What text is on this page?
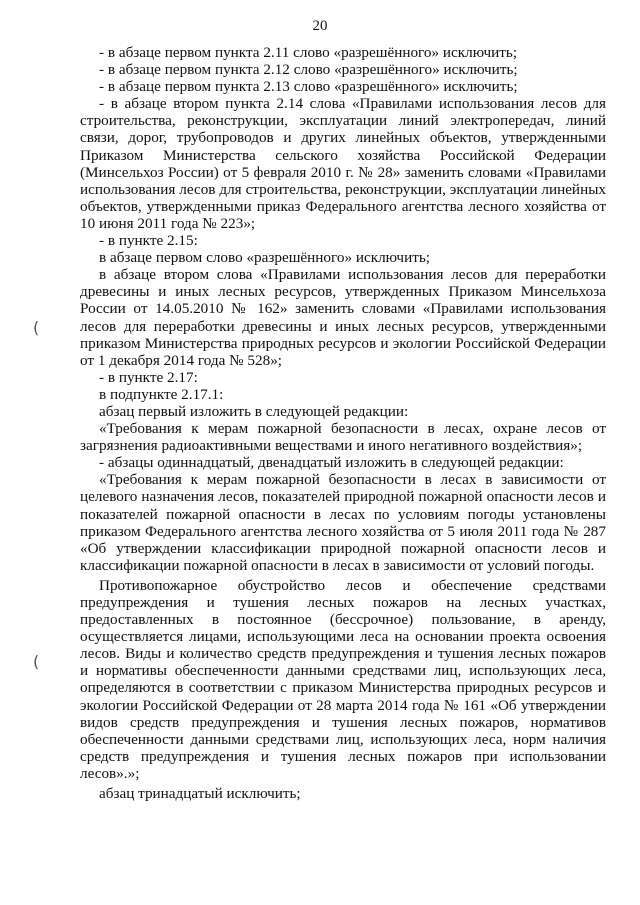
20
(
(

- в абзаце первом пункта 2.11 слово «разрешённого» исключить;

- в абзаце первом пункта 2.12 слово «разрешённого» исключить;

- в абзаце первом пункта 2.13 слово «разрешённого» исключить;

- в абзаце втором пункта 2.14 слова «Правилами использования лесов для строительства, реконструкции, эксплуатации линий электропередач, линий связи, дорог, трубопроводов и других линейных объектов, утвержденными Приказом Министерства сельского хозяйства Российской Федерации (Минсельхоз России) от 5 февраля 2010 г. № 28» заменить словами «Правилами использования лесов для строительства, реконструкции, эксплуатации линейных объектов, утвержденными приказ Федерального агентства лесного хозяйства от 10 июня 2011 года № 223»;

- в пункте 2.15:

в абзаце первом слово «разрешённого» исключить;

в абзаце втором слова «Правилами использования лесов для переработки древесины и иных лесных ресурсов, утвержденных Приказом Минсельхоза России от 14.05.2010 № 162» заменить словами «Правилами использования лесов для переработки древесины и иных лесных ресурсов, утвержденными приказом Министерства природных ресурсов и экологии Российской Федерации от 1 декабря 2014 года № 528»;

- в пункте 2.17:

в подпункте 2.17.1:

абзац первый изложить в следующей редакции:

«Требования к мерам пожарной безопасности в лесах, охране лесов от загрязнения радиоактивными веществами и иного негативного воздействия»;

- абзацы одиннадцатый, двенадцатый изложить в следующей редакции:

«Требования к мерам пожарной безопасности в лесах в зависимости от целевого назначения лесов, показателей природной пожарной опасности лесов и показателей пожарной опасности в лесах по условиям погоды установлены приказом Федерального агентства лесного хозяйства от 5 июля 2011 года № 287 «Об утверждении классификации природной пожарной опасности лесов и классификации пожарной опасности в лесах в зависимости от условий погоды.

Противопожарное обустройство лесов и обеспечение средствами предупреждения и тушения лесных пожаров на лесных участках, предоставленных в постоянное (бессрочное) пользование, в аренду, осуществляется лицами, использующими леса на основании проекта освоения лесов. Виды и количество средств предупреждения и тушения лесных пожаров и нормативы обеспеченности данными средствами лиц, использующих леса, определяются в соответствии с приказом Министерства природных ресурсов и экологии Российской Федерации от 28 марта 2014 года № 161 «Об утверждении видов средств предупреждения и тушения лесных пожаров, нормативов обеспеченности данными средствами лиц, использующих леса, норм наличия средств предупреждения и тушения лесных пожаров при использовании лесов».»;

абзац тринадцатый исключить;
